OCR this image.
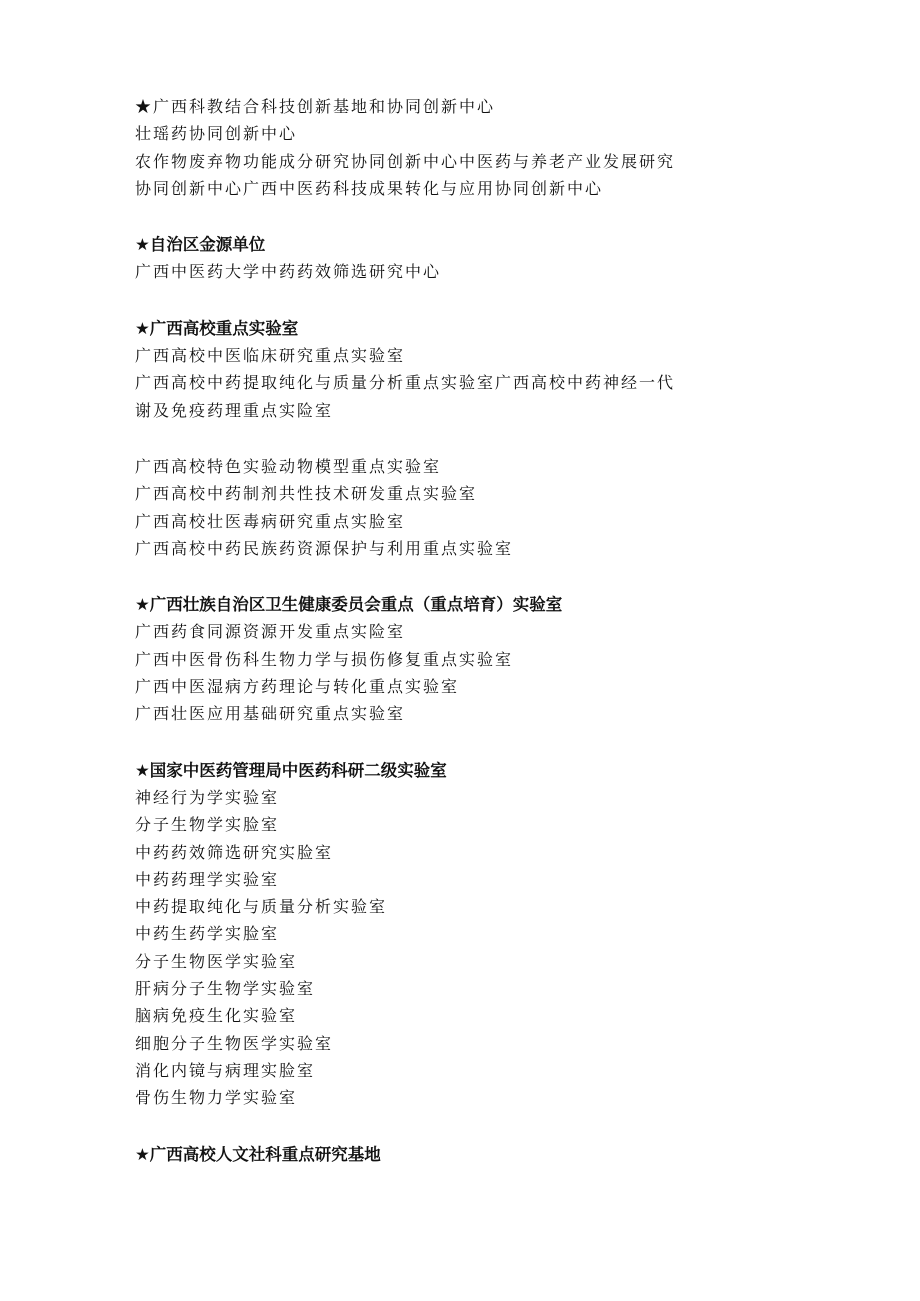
★广西科教结合科技创新基地和协同创新中心
壮瑶药协同创新中心
农作物废弃物功能成分研究协同创新中心中医药与养老产业发展研究
协同创新中心广西中医药科技成果转化与应用协同创新中心
★自治区金源单位
广西中医药大学中药药效筛选研究中心
★广西高校重点实验室
广西高校中医临床研究重点实验室
广西高校中药提取纯化与质量分析重点实验室广西高校中药神经一代
谢及免疫药理重点实险室
广西高校特色实验动物模型重点实验室
广西高校中药制剂共性技术研发重点实验室
广西高校壮医毒病研究重点实脸室
广西高校中药民族药资源保护与利用重点实验室
★广西壮族自治区卫生健康委员会重点（重点培育）实验室
广西药食同源资源开发重点实险室
广西中医骨伤科生物力学与损伤修复重点实验室
广西中医湿病方药理论与转化重点实验室
广西壮医应用基础研究重点实验室
★国家中医药管理局中医药科研二级实验室
神经行为学实验室
分子生物学实脸室
中药药效筛选研究实脸室
中药药理学实验室
中药提取纯化与质量分析实验室
中药生药学实脸室
分子生物医学实验室
肝病分子生物学实验室
脑病免疫生化实验室
细胞分子生物医学实验室
消化内镜与病理实脸室
骨伤生物力学实验室
★广西高校人文社科重点研究基地
